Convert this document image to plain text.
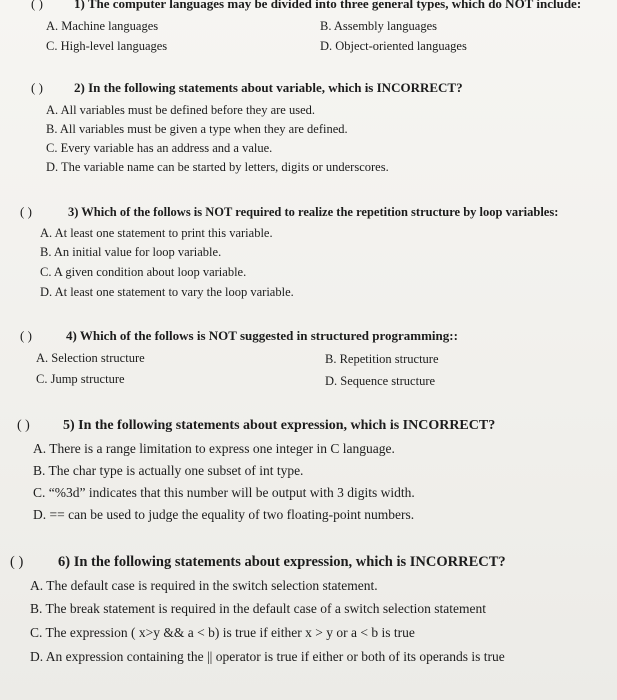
( ) 1) The computer languages may be divided into three general types, which do NOT include:
A. Machine languages	B. Assembly languages
C. High-level languages	D. Object-oriented languages
( ) 2) In the following statements about variable, which is INCORRECT?
A. All variables must be defined before they are used.
B. All variables must be given a type when they are defined.
C. Every variable has an address and a value.
D. The variable name can be started by letters, digits or underscores.
( )	3) Which of the follows is NOT required to realize the repetition structure by loop variables:
A. At least one statement to print this variable.
B. An initial value for loop variable.
C. A given condition about loop variable.
D. At least one statement to vary the loop variable.
( )	4) Which of the follows is NOT suggested in structured programming::
A. Selection structure	B. Repetition structure
C. Jump structure	D. Sequence structure
( ) 5) In the following statements about expression, which is INCORRECT?
A. There is a range limitation to express one integer in C language.
B. The char type is actually one subset of int type.
C. “%3d” indicates that this number will be output with 3 digits width.
D. == can be used to judge the equality of two floating-point numbers.
( ) 6) In the following statements about expression, which is INCORRECT?
A. The default case is required in the switch selection statement.
B. The break statement is required in the default case of a switch selection statement
C. The expression ( x>y && a < b) is true if either x > y or a < b is true
D. An expression containing the || operator is true if either or both of its operands is true
